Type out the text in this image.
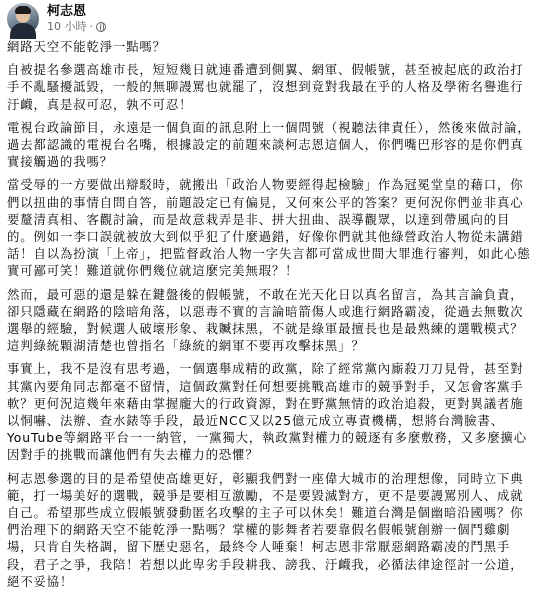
柯志恩
10 小時 ·

網路天空不能乾淨一點嗎？

自被提名參選高雄市長，短短幾日就連番遭到側翼、網軍、假帳號，甚至被起底的政治打手不亂騷擾詆毀，一般的無聊謾罵也就罷了，沒想到竟對我最在乎的人格及學術名譽進行汙衊，真是叔可忍，孰不可忍！

電視台政論節目，永遠是一個負面的訊息附上一個問號（視聽法律責任），然後來做討論，過去都認識的電視台名嘴，根據設定的前題來談柯志恩這個人，你們嘴巴形容的是你們真實接觸過的我嗎？

當受辱的一方要做出辯駁時，就搬出「政治人物要經得起檢驗」作為冠冕堂皇的藉口，你們以扭曲的事情自問自答，前題設定已有偏見，又何來公平的答案？更何況你們並非真心要釐清真相、客觀討論，而是故意栽弄是非、拼大扭曲、誤導觀眾，以達到帶風向的目的。例如一李口誤就被放大到似乎犯了什麼過錯，好像你們就其他綠營政治人物從未講錯話！自以為扮演「上帝」，把監督政治人物一字失言都可當成世間大罪進行審判，如此心態實可鄙可笑！難道就你們幾位就這麼完美無瑕？！

然而，最可惡的還是躲在鍵盤後的假帳號，不敢在光天化日以真名留言，為其言論負責，卻只隱藏在網路的陰暗角落，以惡毒不實的言論暗箭傷人或進行網路霸凌，從過去無數次選舉的經驗，對候選人破壞形象、栽贓抹黑，不就是綠軍最擅長也是最熟練的選戰模式？這判綠統顆湖清楚也曾指名「綠統的網軍不要再攻擊抹黑」？

事實上，我不是沒有思考過，一個選舉成精的政黨，除了經常黨內廝殺刀刀見骨，甚至對其黨內要角同志都毫不留情，這個政黨對任何想要挑戰高雄市的競爭對手，又怎會客黨手軟？更何況這幾年來藉由掌握龐大的行政資源，對在野黨無情的政治追殺，更對異議者施以恫嚇、法辦、查水錶等手段，最近NCC又以25億元成立專責機構，想將台灣臉書、YouTube等網路平台一一納管，一黨獨大，執政黨對權力的競逐有多麼敷務，又多麼擴心因對手的挑戰而讓他們有失去權力的恐懼？

柯志恩參選的目的是希望使高雄更好，彰顯我們對一座偉大城市的治理想像，同時立下典範，打一場美好的選戰，競爭是要相互激勵，不是要毀滅對方，更不是要謾罵別人、成就自己。希望那些成立假帳號發動匿名攻擊的主子可以休矣！難道台灣是個幽暗沿國嗎？你們治理下的網路天空不能乾淨一點嗎？掌權的影舞者若要靠假名假帳號創辦一個鬥雞劇場，只肯自失格調，留下歷史惡名，最終令人唾棄！柯志恩非常厭惡網路霸凌的鬥黑手段，君子之爭，我陪！若想以此卑劣手段耕我、謗我、汙衊我，必循法律途徑討一公道，絕不妥協！
